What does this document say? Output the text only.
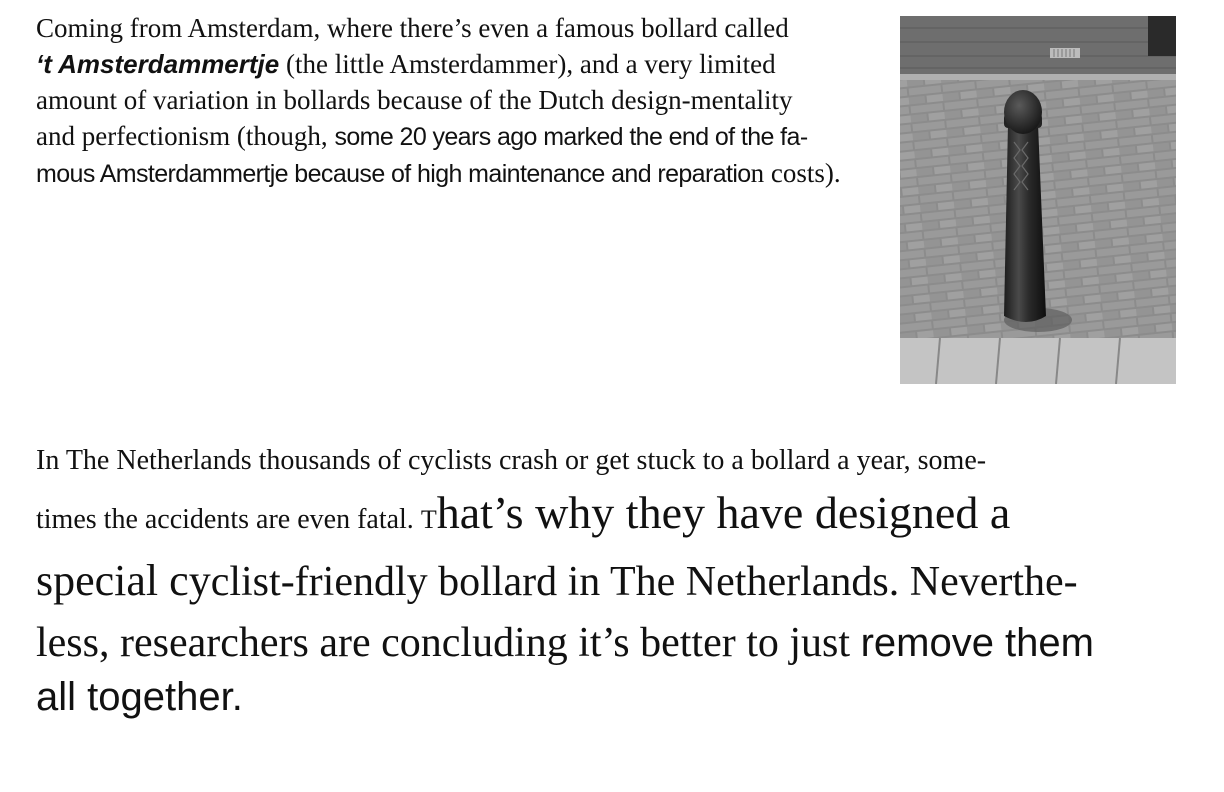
Coming from Amsterdam, where there’s even a famous bollard called
‘t Amsterdammertje (the little Amsterdammer), and a very limited
amount of variation in bollards because of the Dutch design-mentality
and perfectionism (though, some 20 years ago marked the end of the fa-
mous Amsterdammertje because of high maintenance and reparation costs).
In The Netherlands thousands of cyclists crash or get stuck to a bollard a year, some-
times the accidents are even fatal. That’s why they have designed a
special cyclist-friendly bollard in The Netherlands. Neverthe-
less, researchers are concluding it’s better to just remove them
all together.
